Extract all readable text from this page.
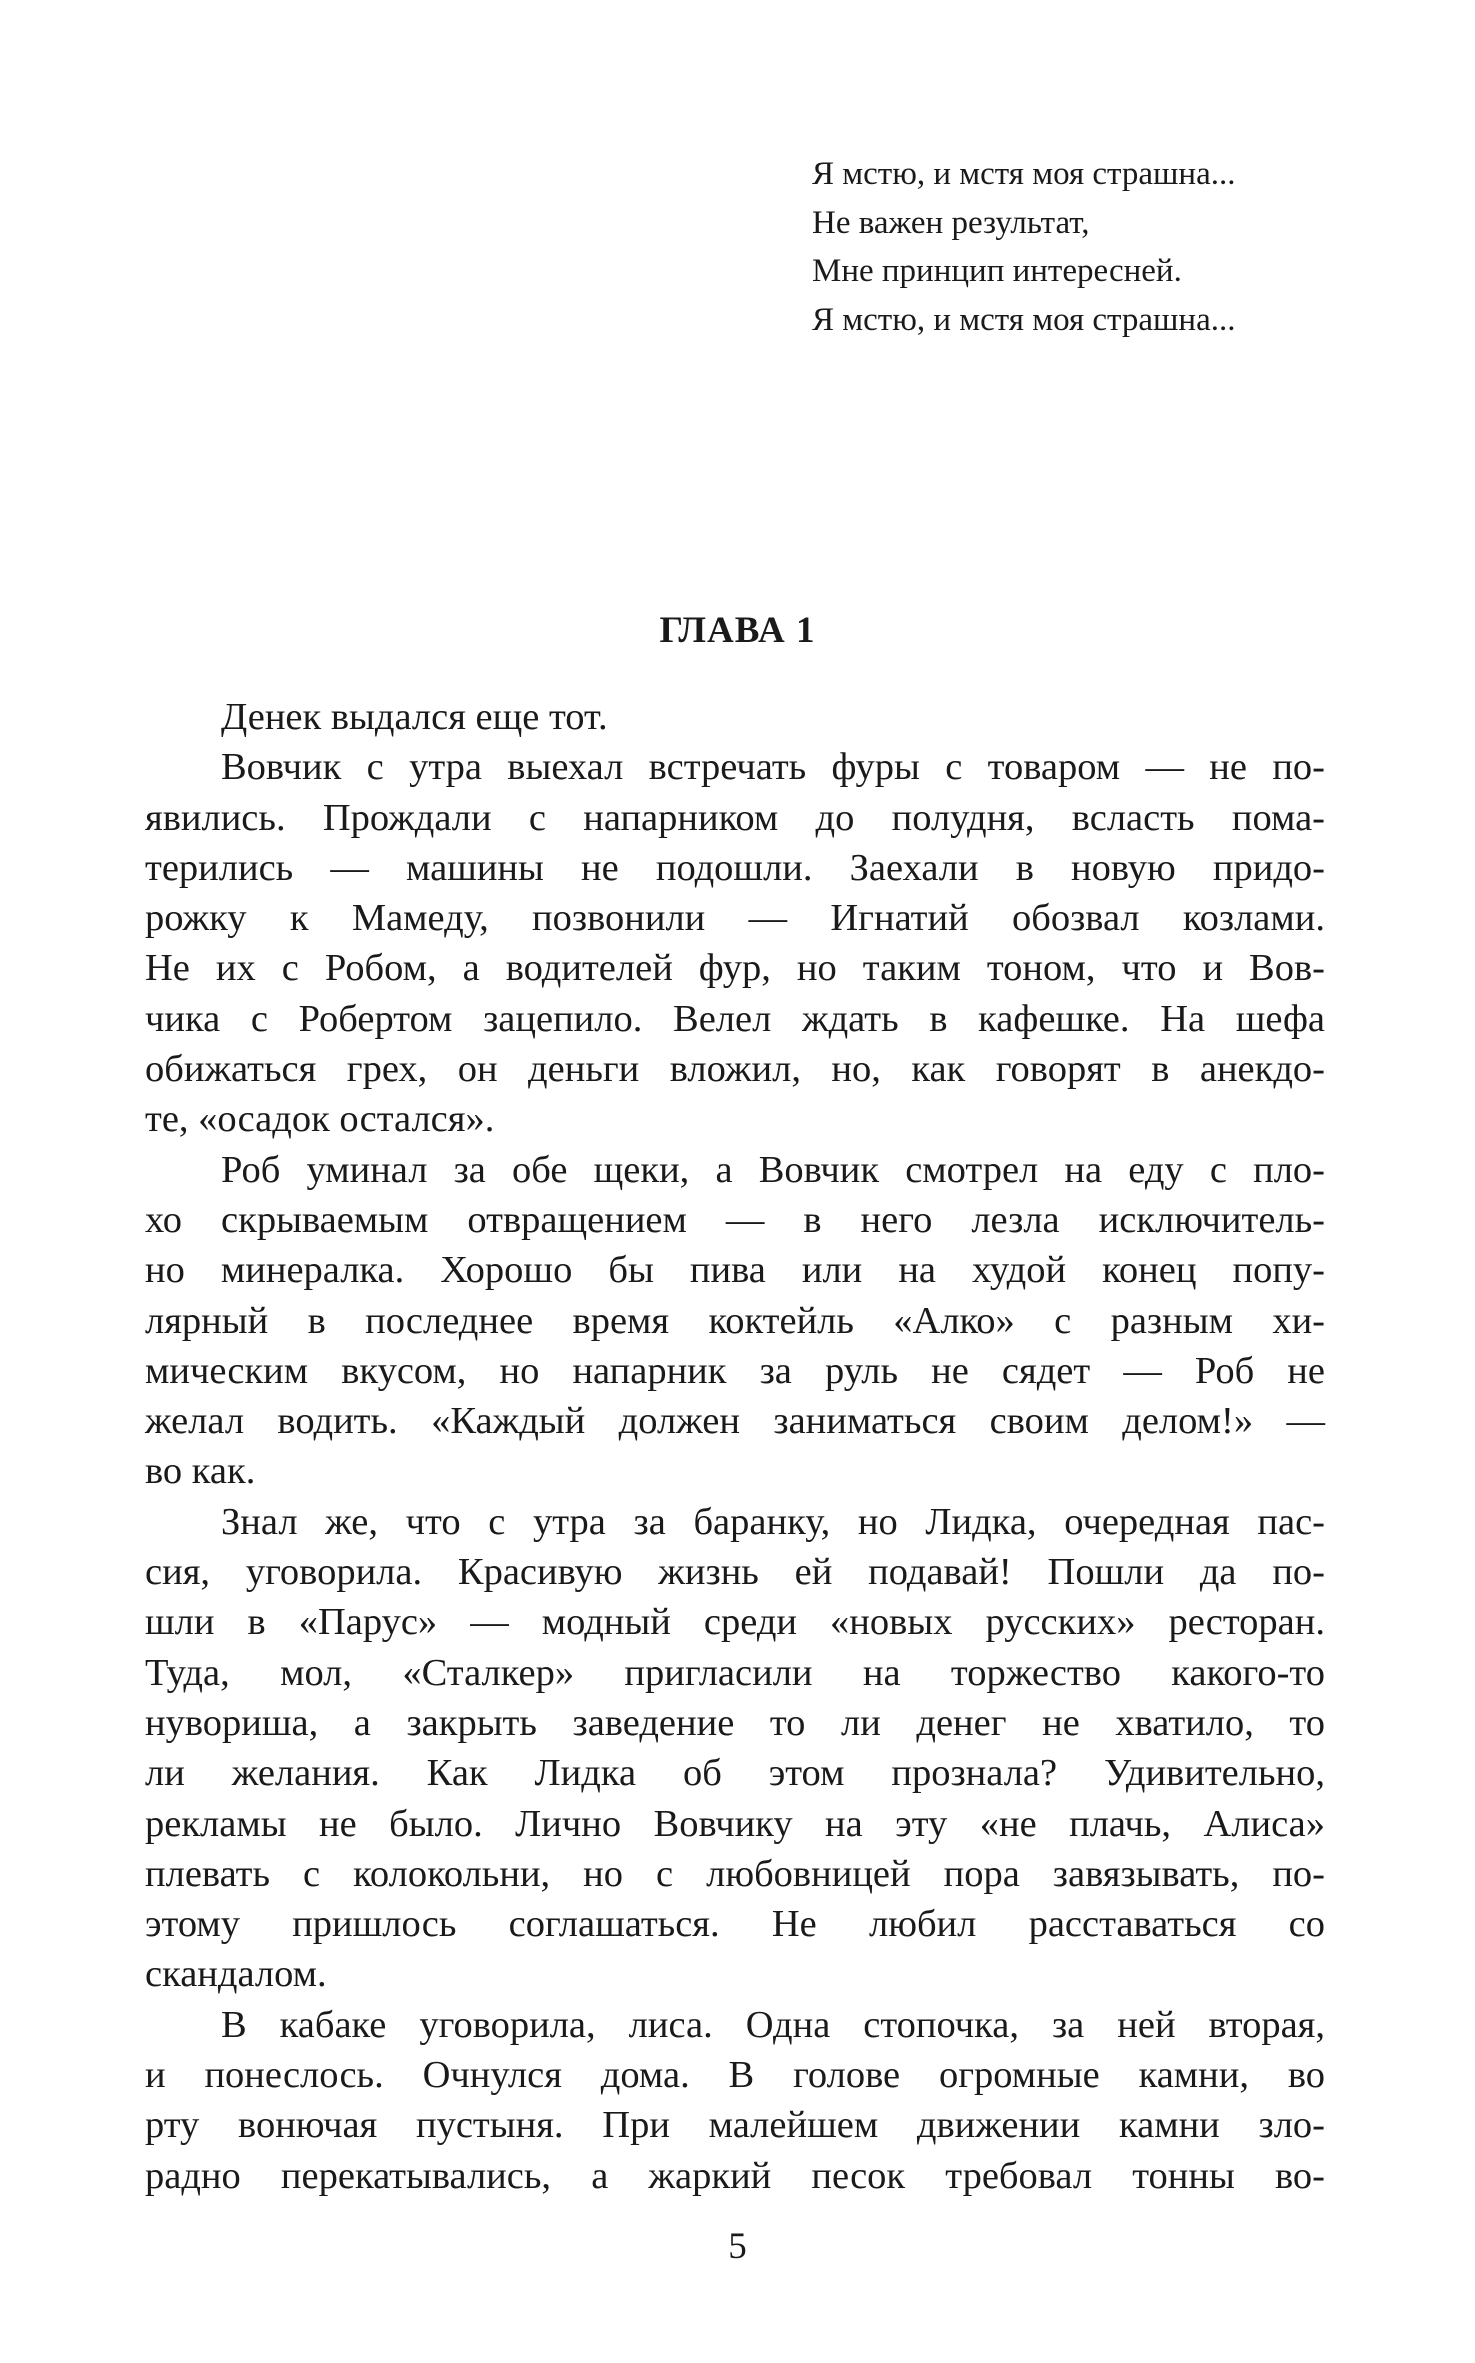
Я мстю, и мстя моя страшна...
Не важен результат,
Мне принцип интересней.
Я мстю, и мстя моя страшна...
ГЛАВА 1
Денек выдался еще тот.
Вовчик с утра выехал встречать фуры с товаром — не по-
явились. Прождали с напарником до полудня, всласть пома-
терились — машины не подошли. Заехали в новую придо-
рожку к Мамеду, позвонили — Игнатий обозвал козлами.
Не их с Робом, а водителей фур, но таким тоном, что и Вов-
чика с Робертом зацепило. Велел ждать в кафешке. На шефа
обижаться грех, он деньги вложил, но, как говорят в анекдо-
те, «осадок остался».
Роб уминал за обе щеки, а Вовчик смотрел на еду с пло-
хо скрываемым отвращением — в него лезла исключитель-
но минералка. Хорошо бы пива или на худой конец попу-
лярный в последнее время коктейль «Алко» с разным хи-
мическим вкусом, но напарник за руль не сядет — Роб не
желал водить. «Каждый должен заниматься своим делом!» —
во как.
Знал же, что с утра за баранку, но Лидка, очередная пас-
сия, уговорила. Красивую жизнь ей подавай! Пошли да по-
шли в «Парус» — модный среди «новых русских» ресторан.
Туда, мол, «Сталкер» пригласили на торжество какого-то
нувориша, а закрыть заведение то ли денег не хватило, то
ли желания. Как Лидка об этом прознала? Удивительно,
рекламы не было. Лично Вовчику на эту «не плачь, Алиса»
плевать с колокольни, но с любовницей пора завязывать, по-
этому пришлось соглашаться. Не любил расставаться со
скандалом.
В кабаке уговорила, лиса. Одна стопочка, за ней вторая,
и понеслось. Очнулся дома. В голове огромные камни, во
рту вонючая пустыня. При малейшем движении камни зло-
радно перекатывались, а жаркий песок требовал тонны во-
5
